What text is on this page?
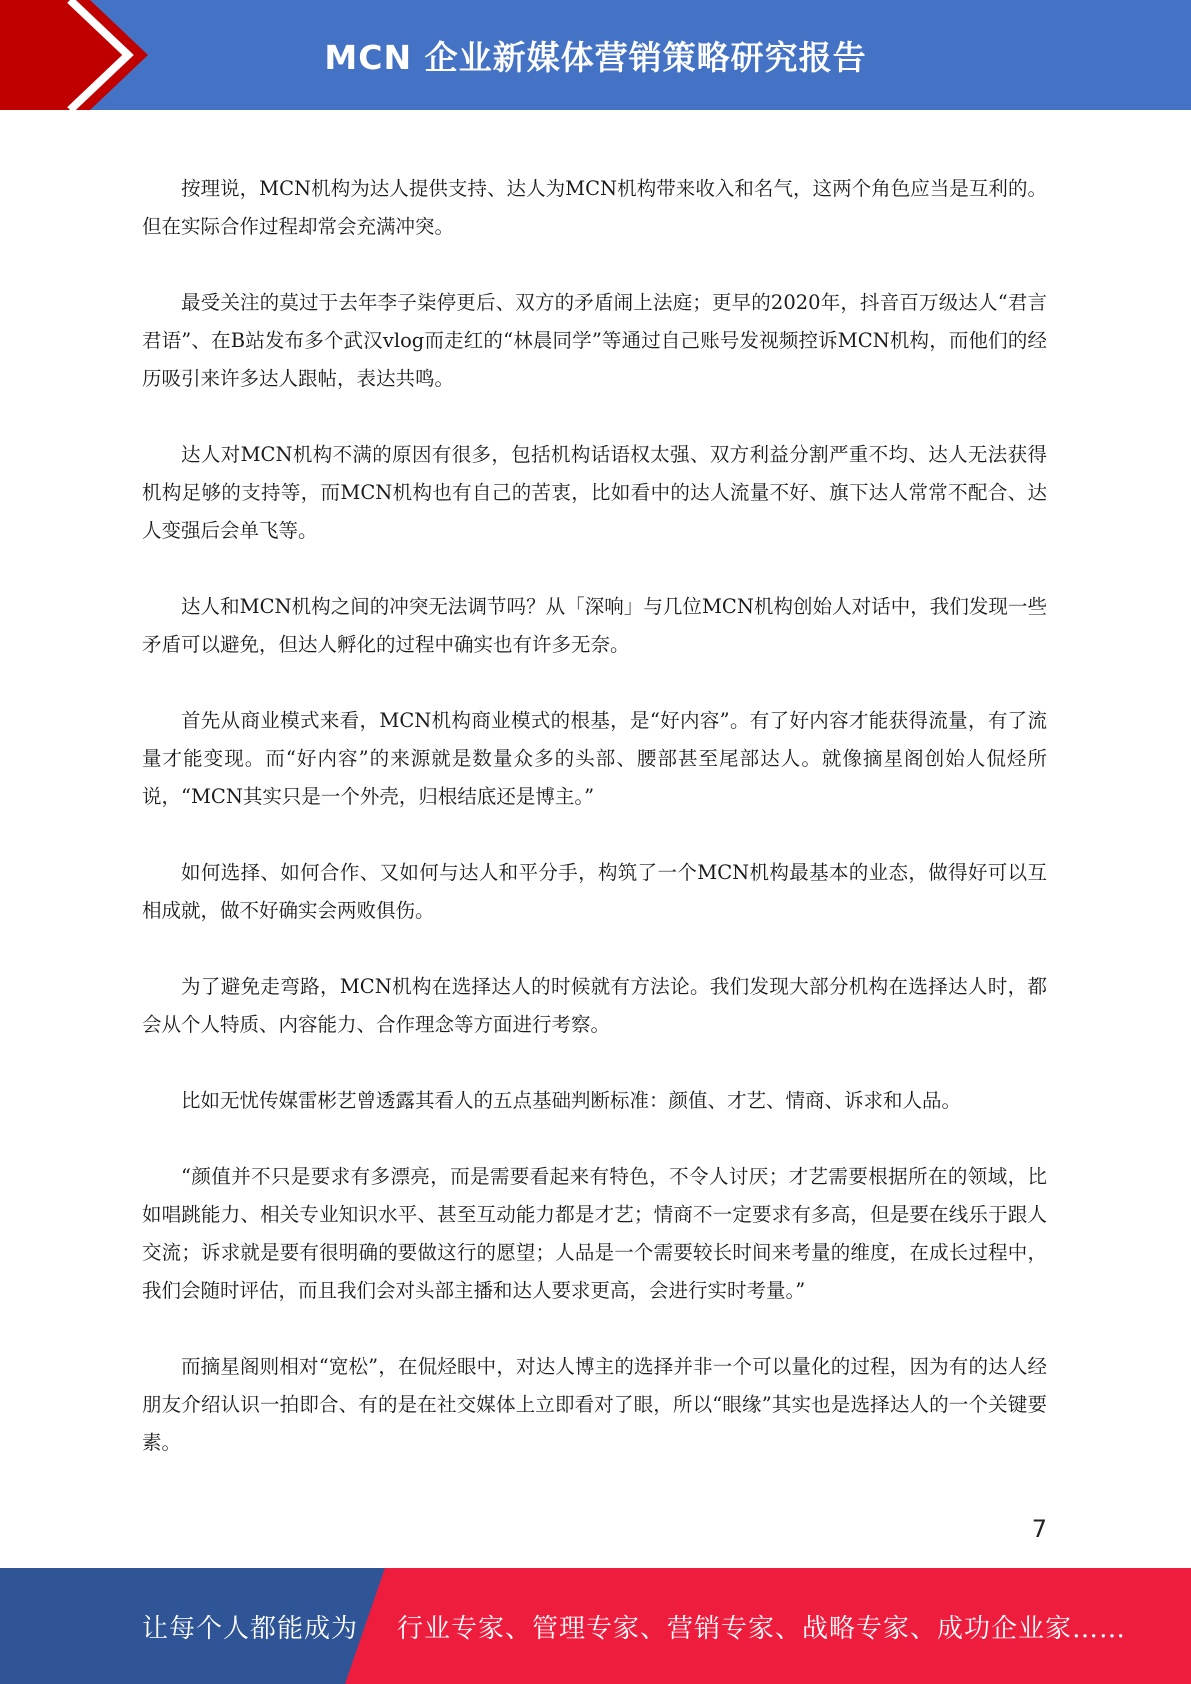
MCN 企业新媒体营销策略研究报告

按理说，MCN机构为达人提供支持、达人为MCN机构带来收入和名气，这两个角色应当是互利的。但在实际合作过程却常会充满冲突。

最受关注的莫过于去年李子柒停更后、双方的矛盾闹上法庭；更早的2020年，抖音百万级达人“君言君语”、在B站发布多个武汉vlog而走红的“林晨同学”等通过自己账号发视频控诉MCN机构，而他们的经历吸引来许多达人跟帖，表达共鸣。

达人对MCN机构不满的原因有很多，包括机构话语权太强、双方利益分割严重不均、达人无法获得机构足够的支持等，而MCN机构也有自己的苦衷，比如看中的达人流量不好、旗下达人常常不配合、达人变强后会单飞等。

达人和MCN机构之间的冲突无法调节吗？从「深响」与几位MCN机构创始人对话中，我们发现一些矛盾可以避免，但达人孵化的过程中确实也有许多无奈。

首先从商业模式来看，MCN机构商业模式的根基，是“好内容”。有了好内容才能获得流量，有了流量才能变现。而“好内容”的来源就是数量众多的头部、腰部甚至尾部达人。就像摘星阁创始人侃烃所说，“MCN其实只是一个外壳，归根结底还是博主。”

如何选择、如何合作、又如何与达人和平分手，构筑了一个MCN机构最基本的业态，做得好可以互相成就，做不好确实会两败俱伤。

为了避免走弯路，MCN机构在选择达人的时候就有方法论。我们发现大部分机构在选择达人时，都会从个人特质、内容能力、合作理念等方面进行考察。

比如无忧传媒雷彬艺曾透露其看人的五点基础判断标准：颜值、才艺、情商、诉求和人品。

“颜值并不只是要求有多漂亮，而是需要看起来有特色，不令人讨厌；才艺需要根据所在的领域，比如唱跳能力、相关专业知识水平、甚至互动能力都是才艺；情商不一定要求有多高，但是要在线乐于跟人交流；诉求就是要有很明确的要做这行的愿望；人品是一个需要较长时间来考量的维度，在成长过程中，我们会随时评估，而且我们会对头部主播和达人要求更高，会进行实时考量。”

而摘星阁则相对“宽松”，在侃烃眼中，对达人博主的选择并非一个可以量化的过程，因为有的达人经朋友介绍认识一拍即合、有的是在社交媒体上立即看对了眼，所以“眼缘”其实也是选择达人的一个关键要素。

7
让每个人都能成为 行业专家、管理专家、营销专家、战略专家、成功企业家……
